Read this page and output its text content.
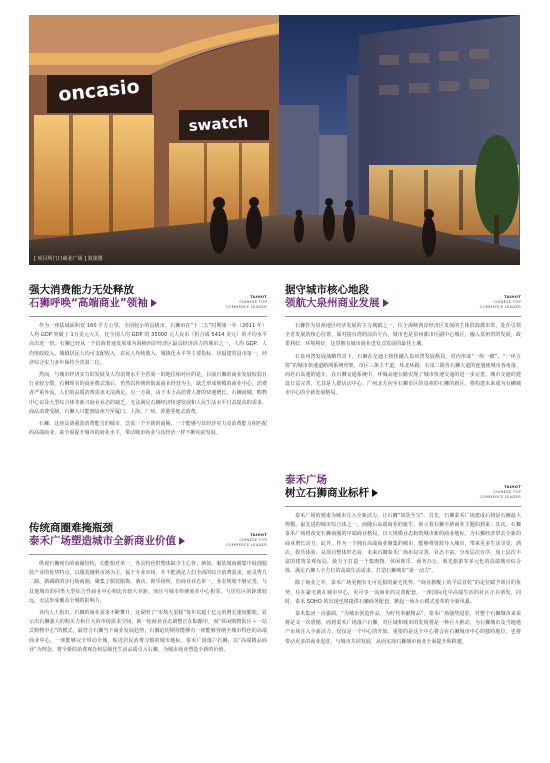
oncasio
swatch
[ 项目所门口商业广场 ] 效果图
强大消费能力无处释放
石狮呼唤“高端商业”领袖
TAIHOT
CHINESE TOP
COMMERCE LEADER

作为一座陆域面积仅 160 平方公里、全国较小的县级市，石狮市在“十二五”时期第一年（2011 年）人均 GDP 突破了 1万美元大关，比全国人均 GDP 的 35000 元人民币（折合成 5414 美元）的平均水平高出近一倍。石狮已经从一个沿海普通发展成为海峡西岸经济区最具经济活力的城市之一，人均 GDP、人均财政收入、城镇居民人均可支配收入、农民人均纯收入、城镇化水平等主要指标，居福建省县市第一，经济综合实力多年保持全省第二位。

然而，与城市经济实力的发展及人均消费水平全省第一的地位相对应的是，目前石狮的商业发展较弱且行业较分散，石狮现有的商业模式落后，仍然以传统的街面商业经营为主，缺乏形成规模的商业中心，消费者严重外流，人们的品质消费需求无法满足。另一方面，由于本土高消费人群的快速增长，石狮商城、购物中心以及大型综合体等新兴商业业态的缺乏，无法满足石狮经济快速发展和人民生活水平日益提高的需求，商品消费受制，石狮人只能到泉州乃至厦门、上海、广州、香港等地去消费。

石狮，这座具备强劲消费能力的城市，急需一个全新的商圈，一个能够与其经济实力及消费能力相匹配的高端商业，来全面提升城市的商业水平，带动城市商业与其经济一样不断向前发展。

传统商圈难掩瓶颈
泰禾广场塑造城市全新商业价值
TAIHOT
CHINESE TOP
COMMERCE LEADER

纵观石狮现有的商圈结构，功能相对单一，各具特色但整体缺少主心骨。例如，服装城商圈集中展现服装产业的优势特点，以服装辅料市场为主，属于专业市场，并不能满足人们全面的综合消费需求；而灵秀九二路、新湖路的步行街商圈，聚集了服装服饰、酒店、娱乐场所，但商业业态单一，业态规划不够完善，与其他城市的同类大型综合性商业中心相比有较大差距，而且与城市传统商业中心相邻，与居住区的距离较远，无法形成覆盖全城的影响力。

业内人士指出，石狮的商业需求不断攀升，这说明了“市场大蛋糕”每年以超十亿元的增长速度膨胀，显示出石狮强大的购买力和巨大的市场需求空间，新一轮商业业态调整正在酝酿中，而“休闲购物街区＋一站式购物中心”的模式，最符合石狮当下商业发展趋势，石狮迫切期待能够有一座能够容纳全城市特色的高端商业中心，一座能够完全带动全城，贴近居民消费习惯的城市地标。泰禾广场落户石狮，以“高端精品商业”为理念，将全新的消费观念和层级化生活品质引入石狮，为城市商业塑造全新的价值。

据守城市核心地段
领航大泉州商业发展
TAIHOT
CHINESE TOP
COMMERCE LEADER

石狮作为泉州地区经济发展的主力城镇之一，位于海峡西岸经济区发展的主体滨海都市带，处在引领全省发展的核心位置，面对接台湾的前沿平台，城市也是泉州都市区副中心城区，融入泉州湾的发展，政策利好，环境利好，这里拥有城市商业迸发式发展的最佳土壤。

在泉州湾发展战略背景下，石狮在交通上按快融入泉州湾发展格局，对内形成“一纵一横”、“一环五射”的城市快速道路网系统骨架，市区三条主干道、环北环路、石泉二路等石狮大道的连通使城市各角落，而若石高速的通车，在石狮交通系统中，环城高速公路实现了城市快速交通的进一步完善。城市交通的建设日益完善，尤其是人群活动中心、广州北方向至石狮市区的泉州的石狮的新区，将构建未来成为石狮城市中心的全新发展格局。

泰禾广场
树立石狮商业标杆
TAIHOT
CHINESE TOP
COMMERCE LEADER

泰禾广场的到来为城市注入全新活力，让石狮“如获至宝”。首先，石狮泰禾广场建成后将是石狮最大规模、最先进的城市综合体之一，而随后高端商业的诞生，预示着石狮全新商业主题的到来；其次，石狮泰禾广场将改变石狮商圈的中端商业格局，以大规模业态构筑城市新的商业地标，为石狮经济带去全新的商业增长动力；此外，作为一个拥有高端商业聚集的城市，能够将资源导入城市，带来更多生活享受、酒店、娱乐体验。从项目整体形态看，未来石狮泰禾广场布局完善、业态丰富、分布层次有序，加上层次丰富的建筑景观布局，致力于打造一个集购物、休闲娱乐、商务办公、观光旅游等多元化的高端城市综合体，满足石狮人全方位的高端生活需求，打造石狮城市“第一动力”。

除了商业之外，泰禾广场更拥有无可比拟的豪宅优势。“商业旗舰上的平层首装”的定位赋予项目的优势，住在豪宅就在城市中心，更可享一流商业的完善配套，一座国际化中高端生活的社区正在萌发，同时，泰禾 SOHO 的出现也将提供石狮商务配套，掀起一场办公模式变革的全新风暴。

泰禾集团一直强调，“为城市创造作品，为时代奉献精品”。泰禾广场强势进驻，对整个石狮城市来说将是又一次震撼，而将泰禾广场落户石狮，对区域和城市的发展将是一种巨大推动，为石狮城市及当地地产市场注入全新活力，仅仅是一个中心的开始。重要的是这个中心将会在石狮城市中心的独特地位，也将带动更多的商业进驻，与城市共同发展，从而实现石狮城市商业全面提升和跨越。
